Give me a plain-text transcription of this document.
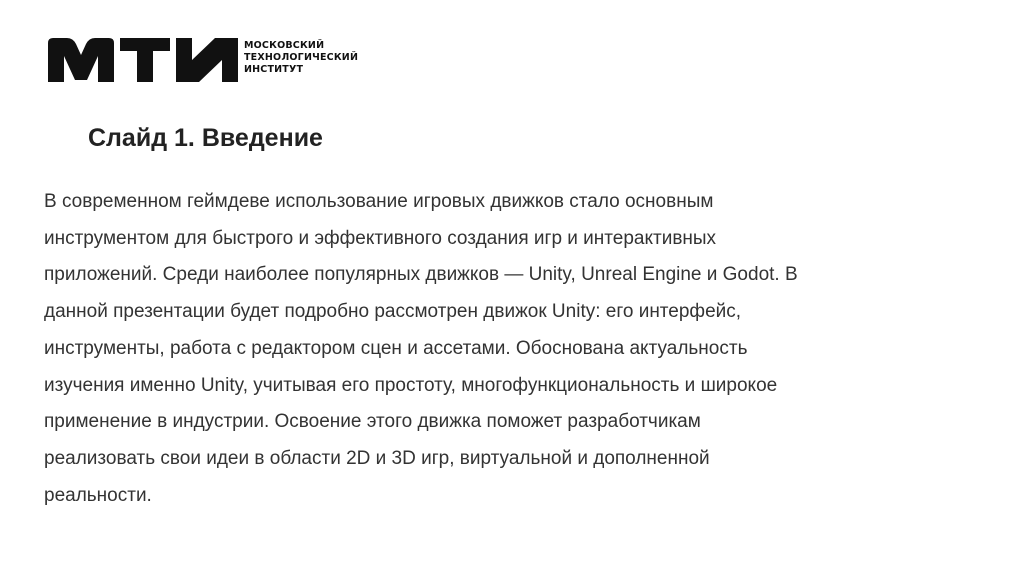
МОСКОВСКИЙ
ТЕХНОЛОГИЧЕСКИЙ
ИНСТИТУТ
Слайд 1. Введение

В современном геймдеве использование игровых движков стало основным
инструментом для быстрого и эффективного создания игр и интерактивных
приложений. Среди наиболее популярных движков — Unity, Unreal Engine и Godot. В
данной презентации будет подробно рассмотрен движок Unity: его интерфейс,
инструменты, работа с редактором сцен и ассетами. Обоснована актуальность
изучения именно Unity, учитывая его простоту, многофункциональность и широкое
применение в индустрии. Освоение этого движка поможет разработчикам
реализовать свои идеи в области 2D и 3D игр, виртуальной и дополненной
реальности.
